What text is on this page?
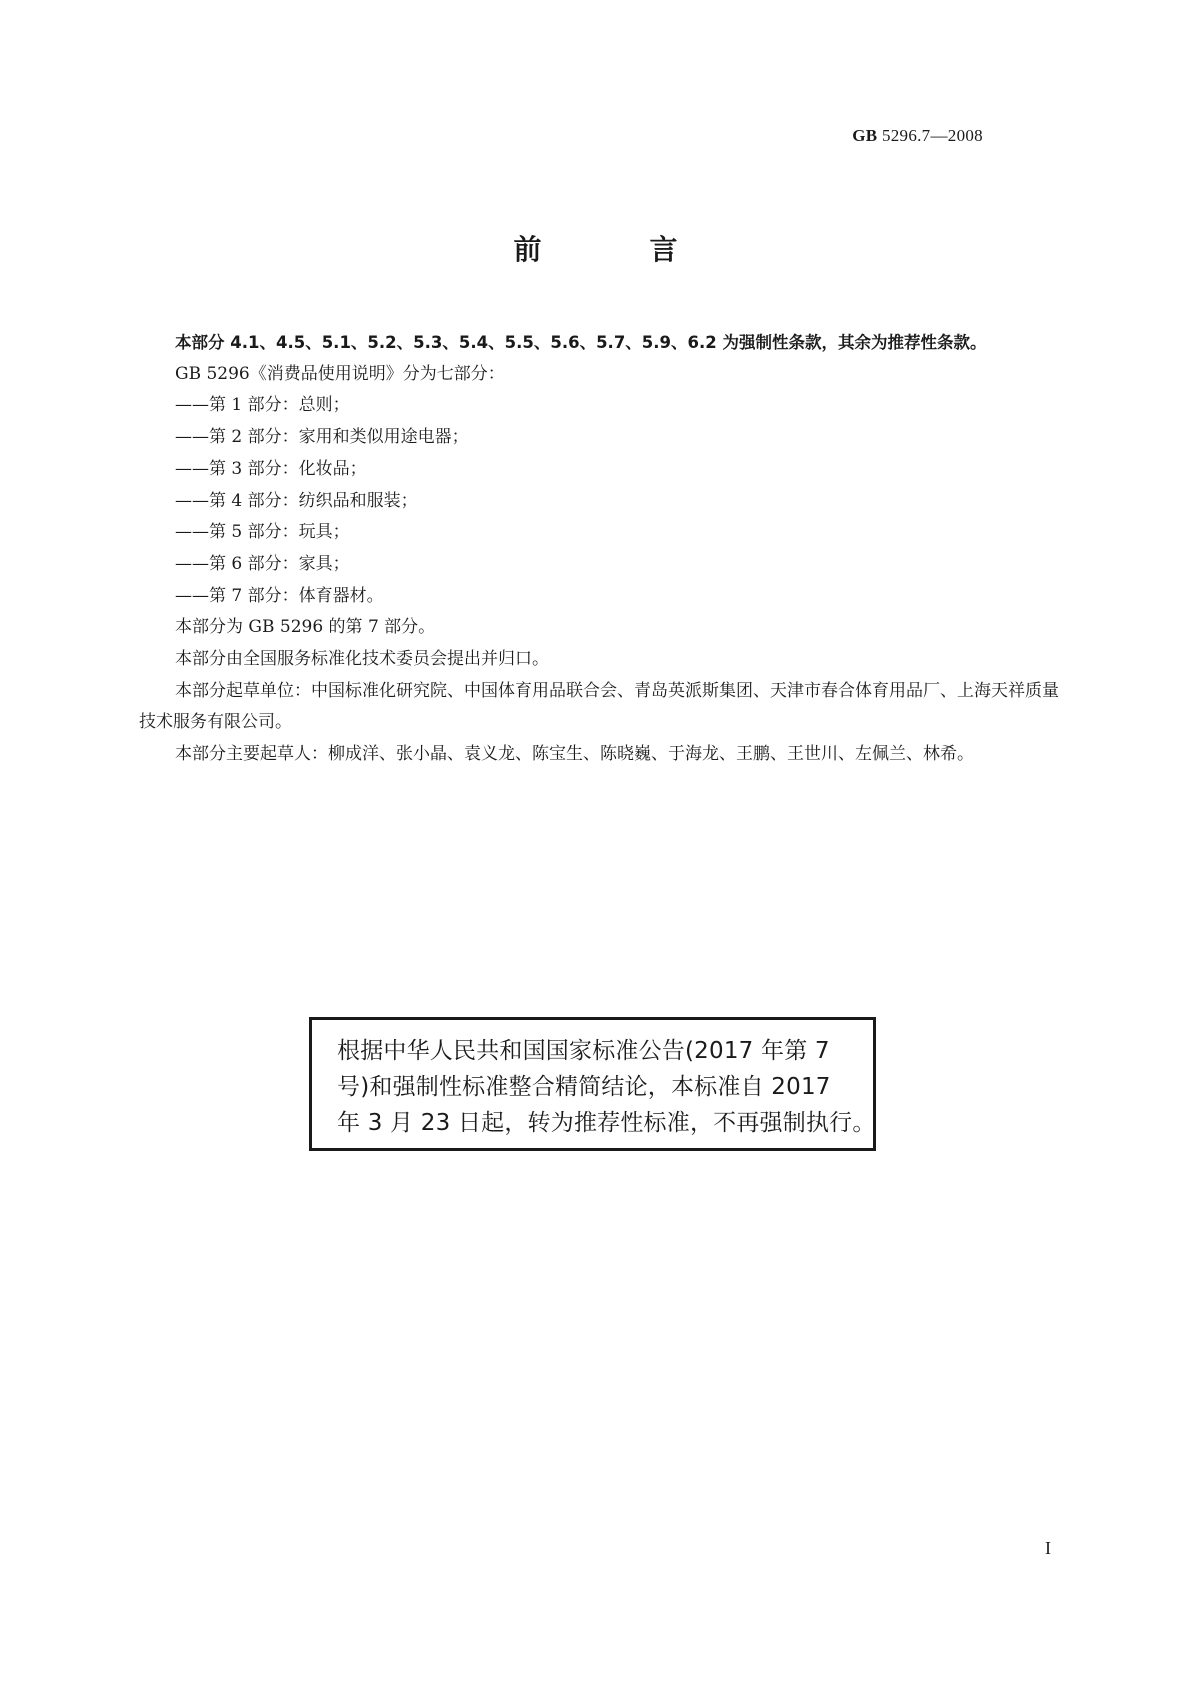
GB 5296.7—2008
前　言

本部分 4.1、4.5、5.1、5.2、5.3、5.4、5.5、5.6、5.7、5.9、6.2 为强制性条款，其余为推荐性条款。

GB 5296《消费品使用说明》分为七部分：

——第 1 部分：总则；

——第 2 部分：家用和类似用途电器；

——第 3 部分：化妆品；

——第 4 部分：纺织品和服装；

——第 5 部分：玩具；

——第 6 部分：家具；

——第 7 部分：体育器材。

本部分为 GB 5296 的第 7 部分。

本部分由全国服务标准化技术委员会提出并归口。

本部分起草单位：中国标准化研究院、中国体育用品联合会、青岛英派斯集团、天津市春合体育用品厂、上海天祥质量技术服务有限公司。

本部分主要起草人：柳成洋、张小晶、袁义龙、陈宝生、陈晓巍、于海龙、王鹏、王世川、左佩兰、林希。

根据中华人民共和国国家标准公告(2017 年第 7
号)和强制性标准整合精简结论，本标准自 2017
年 3 月 23 日起，转为推荐性标准，不再强制执行。
I
